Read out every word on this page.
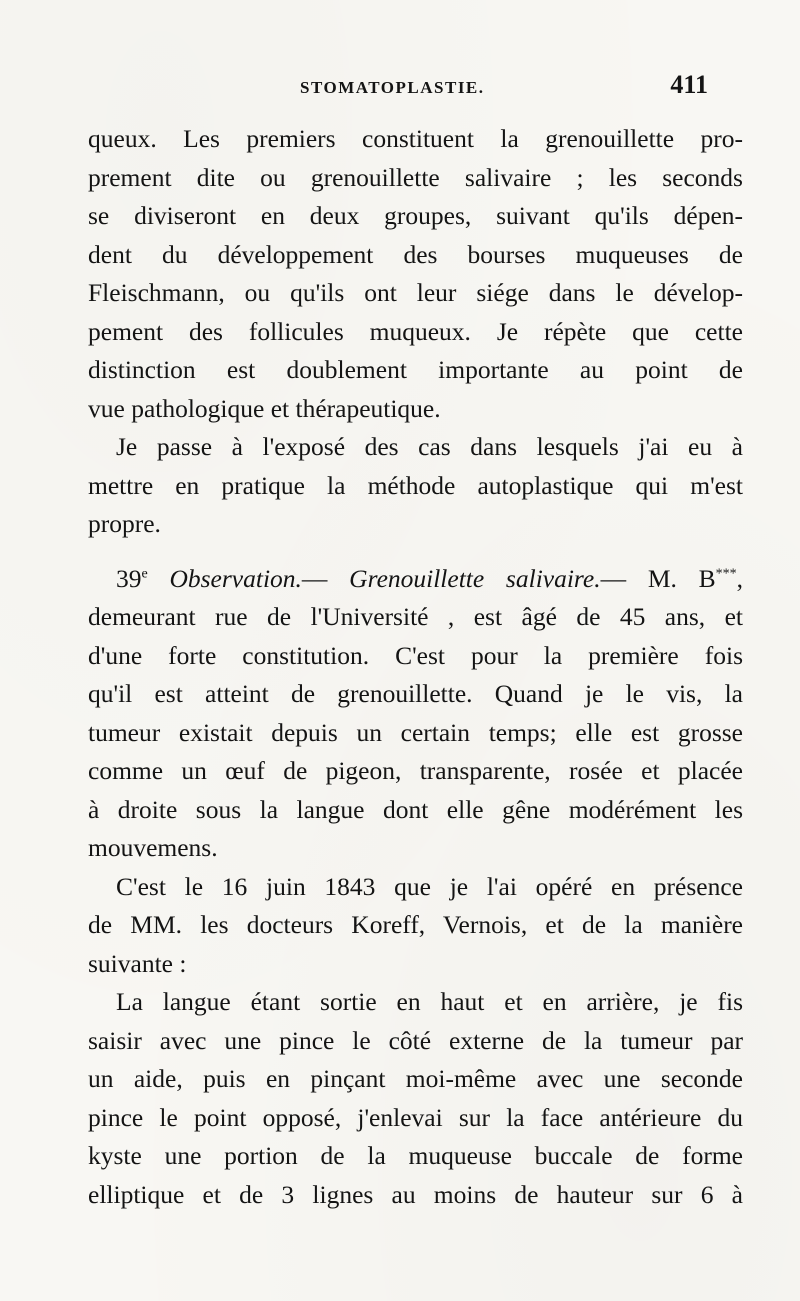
STOMATOPLASTIE.	411
queux. Les premiers constituent la grenouillette pro-
prement dite ou grenouillette salivaire ; les seconds
se diviseront en deux groupes, suivant qu'ils dépen-
dent du développement des bourses muqueuses de
Fleischmann, ou qu'ils ont leur siége dans le dévelop-
pement des follicules muqueux. Je répète que cette
distinction est doublement importante au point de
vue pathologique et thérapeutique.
Je passe à l'exposé des cas dans lesquels j'ai eu à
mettre en pratique la méthode autoplastique qui m'est
propre.
39e Observation.— Grenouillette salivaire.— M. B***,
demeurant rue de l'Université , est âgé de 45 ans, et
d'une forte constitution. C'est pour la première fois
qu'il est atteint de grenouillette. Quand je le vis, la
tumeur existait depuis un certain temps; elle est grosse
comme un œuf de pigeon, transparente, rosée et placée
à droite sous la langue dont elle gêne modérément les
mouvemens.
C'est le 16 juin 1843 que je l'ai opéré en présence
de MM. les docteurs Koreff, Vernois, et de la manière
suivante :
La langue étant sortie en haut et en arrière, je fis
saisir avec une pince le côté externe de la tumeur par
un aide, puis en pinçant moi-même avec une seconde
pince le point opposé, j'enlevai sur la face antérieure du
kyste une portion de la muqueuse buccale de forme
elliptique et de 3 lignes au moins de hauteur sur 6 à
